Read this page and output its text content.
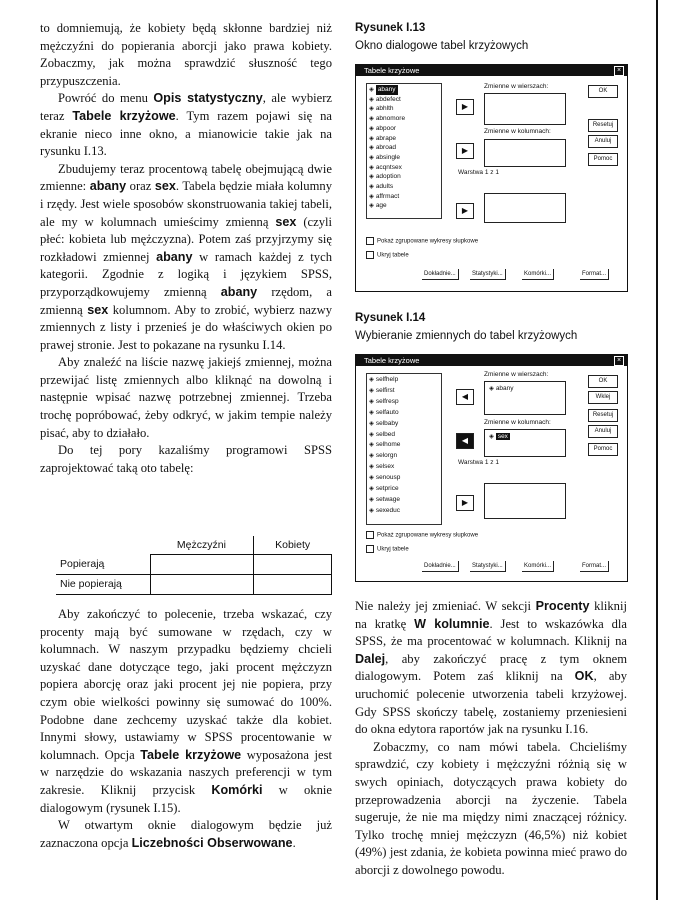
to domniemują, że kobiety będą skłonne bardziej niż mężczyźni do popierania aborcji jako prawa kobiety. Zobaczmy, jak można sprawdzić słuszność tego przypuszczenia.

Powróć do menu Opis statystyczny, ale wybierz teraz Tabele krzyżowe. Tym razem pojawi się na ekranie nieco inne okno, a mianowicie takie jak na rysunku I.13.

Zbudujemy teraz procentową tabelę obejmującą dwie zmienne: abany oraz sex. Tabela będzie miała kolumny i rzędy. Jest wiele sposobów skonstruowania takiej tabeli, ale my w kolumnach umieścimy zmienną sex (czyli płeć: kobieta lub mężczyzna). Potem zaś przyjrzymy się rozkładowi zmiennej abany w ramach każdej z tych kategorii. Zgodnie z logiką i językiem SPSS, przyporządkowujemy zmienną abany rzędom, a zmienną sex kolumnom. Aby to zrobić, wybierz nazwy zmiennych z listy i przenieś je do właściwych okien po prawej stronie. Jest to pokazane na rysunku I.14.

Aby znaleźć na liście nazwę jakiejś zmiennej, można przewijać listę zmiennych albo kliknąć na dowolną i następnie wpisać nazwę potrzebnej zmiennej. Trzeba trochę popróbować, żeby odkryć, w jakim tempie należy pisać, aby to działało.

Do tej pory kazaliśmy programowi SPSS zaprojektować taką oto tabelę:

	Mężczyźni	Kobiety
Popierają		
Nie popierają		

Aby zakończyć to polecenie, trzeba wskazać, czy procenty mają być sumowane w rzędach, czy w kolumnach. W naszym przypadku będziemy chcieli uzyskać dane dotyczące tego, jaki procent mężczyzn popiera aborcję oraz jaki procent jej nie popiera, przy czym obie wielkości powinny się sumować do 100%. Podobne dane zechcemy uzyskać także dla kobiet. Innymi słowy, ustawiamy w SPSS procentowanie w kolumnach. Opcja Tabele krzyżowe wyposażona jest w narzędzie do wskazania naszych preferencji w tym zakresie. Kliknij przycisk Komórki w oknie dialogowym (rysunek I.15).

W otwartym oknie dialogowym będzie już zaznaczona opcja Liczebności Obserwowane.

Rysunek I.13
Okno dialogowe tabel krzyżowych
Tabele krzyżowe	×
◈ abany
◈ abdefect
◈ abhlth
◈ abnomore
◈ abpoor
◈ abrape
◈ abroad
◈ absingle
◈ acqntsex
◈ adoption
◈ adults
◈ affrmact
◈ age
Zmienne w wierszach:
▶
Zmienne w kolumnach:
▶
Warstwa 1 z 1
▶
OK
Resetuj
Anuluj
Pomoc
Pokaż zgrupowane wykresy słupkowe
Ukryj tabele
Dokładnie...	Statystyki...	Komórki...	Format...
Rysunek I.14
Wybieranie zmiennych do tabel krzyżowych
Tabele krzyżowe	×
◈ selfhelp
◈ selfirst
◈ selfresp
◈ selfauto
◈ selbaby
◈ selbed
◈ selhome
◈ selorgn
◈ selsex
◈ senousp
◈ setprice
◈ setwage
◈ sexeduc
Zmienne w wierszach:
◀
◈ abany
Zmienne w kolumnach:
◀	◈ sex
Warstwa 1 z 1
▶
OK
Wklej
Resetuj
Anuluj
Pomoc
Pokaż zgrupowane wykresy słupkowe
Ukryj tabele
Dokładnie...	Statystyki...	Komórki...	Format...

Nie należy jej zmieniać. W sekcji Procenty kliknij na kratkę W kolumnie. Jest to wskazówka dla SPSS, że ma procentować w kolumnach. Kliknij na Dalej, aby zakończyć pracę z tym oknem dialogowym. Potem zaś kliknij na OK, aby uruchomić polecenie utworzenia tabeli krzyżowej. Gdy SPSS skończy tabelę, zostaniemy przeniesieni do okna edytora raportów jak na rysunku I.16.

Zobaczmy, co nam mówi tabela. Chcieliśmy sprawdzić, czy kobiety i mężczyźni różnią się w swych opiniach, dotyczących prawa kobiety do przeprowadzenia aborcji na życzenie. Tabela sugeruje, że nie ma między nimi znaczącej różnicy. Tylko trochę mniej mężczyzn (46,5%) niż kobiet (49%) jest zdania, że kobieta powinna mieć prawo do aborcji z dowolnego powodu.
